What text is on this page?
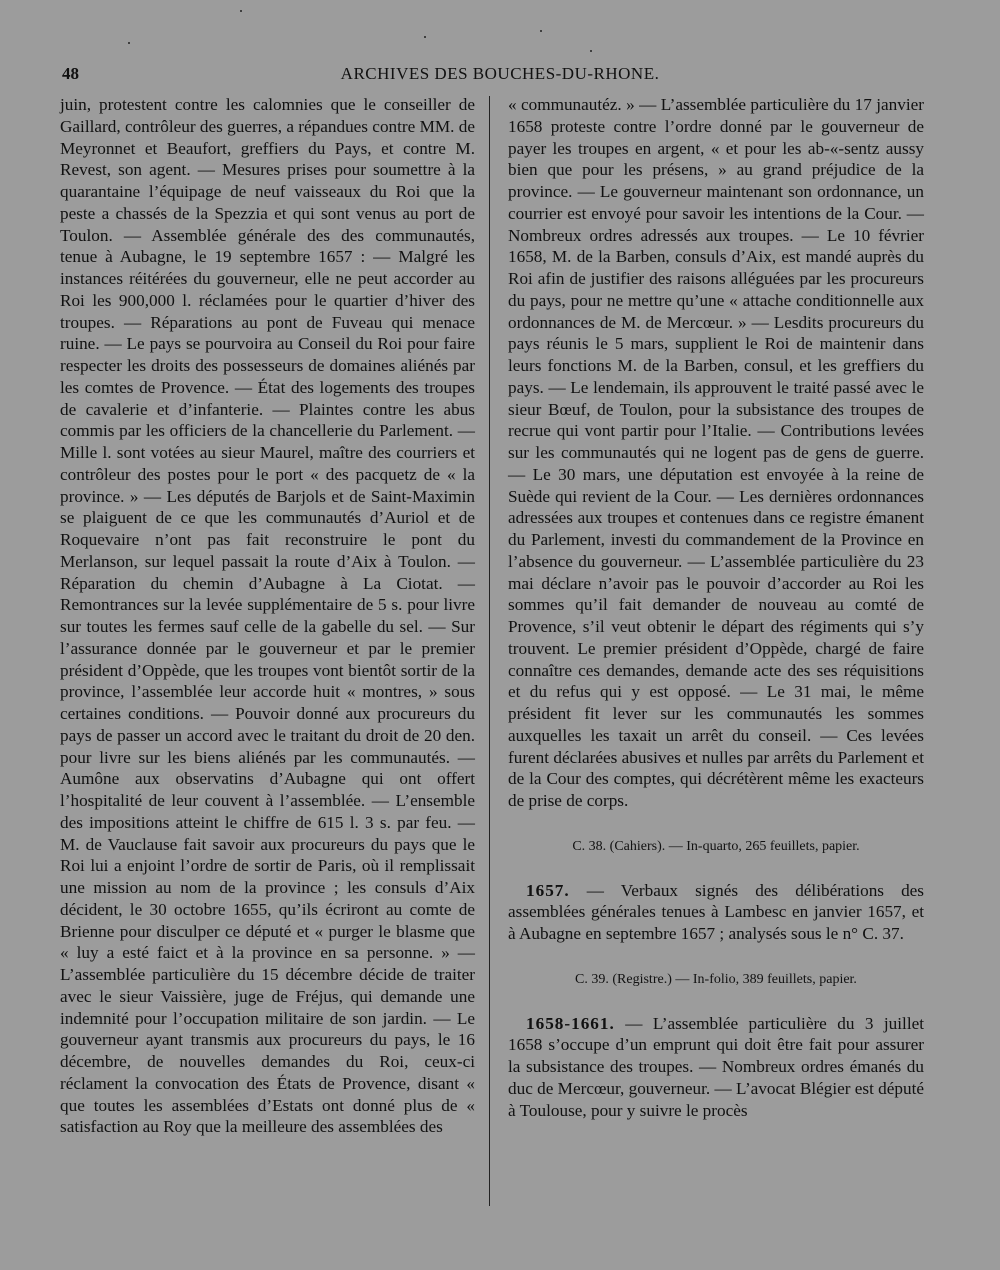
48	ARCHIVES DES BOUCHES-DU-RHONE.

juin, protestent contre les calomnies que le conseiller de Gaillard, contrôleur des guerres, a répandues contre MM. de Meyronnet et Beaufort, greffiers du Pays, et contre M. Revest, son agent. — Mesures prises pour soumettre à la quarantaine l’équipage de neuf vaisseaux du Roi que la peste a chassés de la Spezzia et qui sont venus au port de Toulon. — Assemblée générale des des communautés, tenue à Aubagne, le 19 septembre 1657 : — Malgré les instances réitérées du gouverneur, elle ne peut accorder au Roi les 900,000 l. réclamées pour le quartier d’hiver des troupes. — Réparations au pont de Fuveau qui menace ruine. — Le pays se pourvoira au Conseil du Roi pour faire respecter les droits des possesseurs de domaines aliénés par les comtes de Provence. — État des logements des troupes de cavalerie et d’infanterie. — Plaintes contre les abus commis par les officiers de la chancellerie du Parlement. — Mille l. sont votées au sieur Maurel, maître des courriers et contrôleur des postes pour le port « des pacquetz de « la province. » — Les députés de Barjols et de Saint-Maximin se plaiguent de ce que les communautés d’Auriol et de Roquevaire n’ont pas fait reconstruire le pont du Merlanson, sur lequel passait la route d’Aix à Toulon. — Réparation du chemin d’Aubagne à La Ciotat. — Remontrances sur la levée supplémentaire de 5 s. pour livre sur toutes les fermes sauf celle de la gabelle du sel. — Sur l’assurance donnée par le gouverneur et par le premier président d’Oppède, que les troupes vont bientôt sortir de la province, l’assemblée leur accorde huit « montres, » sous certaines conditions. — Pouvoir donné aux procureurs du pays de passer un accord avec le traitant du droit de 20 den. pour livre sur les biens aliénés par les communautés. — Aumône aux observatins d’Aubagne qui ont offert l’hospitalité de leur couvent à l’assemblée. — L’ensemble des impositions atteint le chiffre de 615 l. 3 s. par feu. — M. de Vauclause fait savoir aux procureurs du pays que le Roi lui a enjoint l’ordre de sortir de Paris, où il remplissait une mission au nom de la province ; les consuls d’Aix décident, le 30 octobre 1655, qu’ils écriront au comte de Brienne pour disculper ce député et « purger le blasme que « luy a esté faict et à la province en sa personne. » — L’assemblée particulière du 15 décembre décide de traiter avec le sieur Vaissière, juge de Fréjus, qui demande une indemnité pour l’occupation militaire de son jardin. — Le gouverneur ayant transmis aux procureurs du pays, le 16 décembre, de nouvelles demandes du Roi, ceux-ci réclament la convocation des États de Provence, disant « que toutes les assemblées d’Estats ont donné plus de « satisfaction au Roy que la meilleure des assemblées des

« communautéz. » — L’assemblée particulière du 17 janvier 1658 proteste contre l’ordre donné par le gouverneur de payer les troupes en argent, « et pour les ab-«-sentz aussy bien que pour les présens, » au grand préjudice de la province. — Le gouverneur maintenant son ordonnance, un courrier est envoyé pour savoir les intentions de la Cour. — Nombreux ordres adressés aux troupes. — Le 10 février 1658, M. de la Barben, consuls d’Aix, est mandé auprès du Roi afin de justifier des raisons alléguées par les procureurs du pays, pour ne mettre qu’une « attache conditionnelle aux ordonnances de M. de Mercœur. » — Lesdits procureurs du pays réunis le 5 mars, supplient le Roi de maintenir dans leurs fonctions M. de la Barben, consul, et les greffiers du pays. — Le lendemain, ils approuvent le traité passé avec le sieur Bœuf, de Toulon, pour la subsistance des troupes de recrue qui vont partir pour l’Italie. — Contributions levées sur les communautés qui ne logent pas de gens de guerre. — Le 30 mars, une députation est envoyée à la reine de Suède qui revient de la Cour. — Les dernières ordonnances adressées aux troupes et contenues dans ce registre émanent du Parlement, investi du commandement de la Province en l’absence du gouverneur. — L’assemblée particulière du 23 mai déclare n’avoir pas le pouvoir d’accorder au Roi les sommes qu’il fait demander de nouveau au comté de Provence, s’il veut obtenir le départ des régiments qui s’y trouvent. Le premier président d’Oppède, chargé de faire connaître ces demandes, demande acte des ses réquisitions et du refus qui y est opposé. — Le 31 mai, le même président fit lever sur les communautés les sommes auxquelles les taxait un arrêt du conseil. — Ces levées furent déclarées abusives et nulles par arrêts du Parlement et de la Cour des comptes, qui décrétèrent même les exacteurs de prise de corps.

C. 38. (Cahiers). — In-quarto, 265 feuillets, papier.

1657. — Verbaux signés des délibérations des assemblées générales tenues à Lambesc en janvier 1657, et à Aubagne en septembre 1657 ; analysés sous le n° C. 37.

C. 39. (Registre.) — In-folio, 389 feuillets, papier.

1658-1661. — L’assemblée particulière du 3 juillet 1658 s’occupe d’un emprunt qui doit être fait pour assurer la subsistance des troupes. — Nombreux ordres émanés du duc de Mercœur, gouverneur. — L’avocat Blégier est député à Toulouse, pour y suivre le procès
